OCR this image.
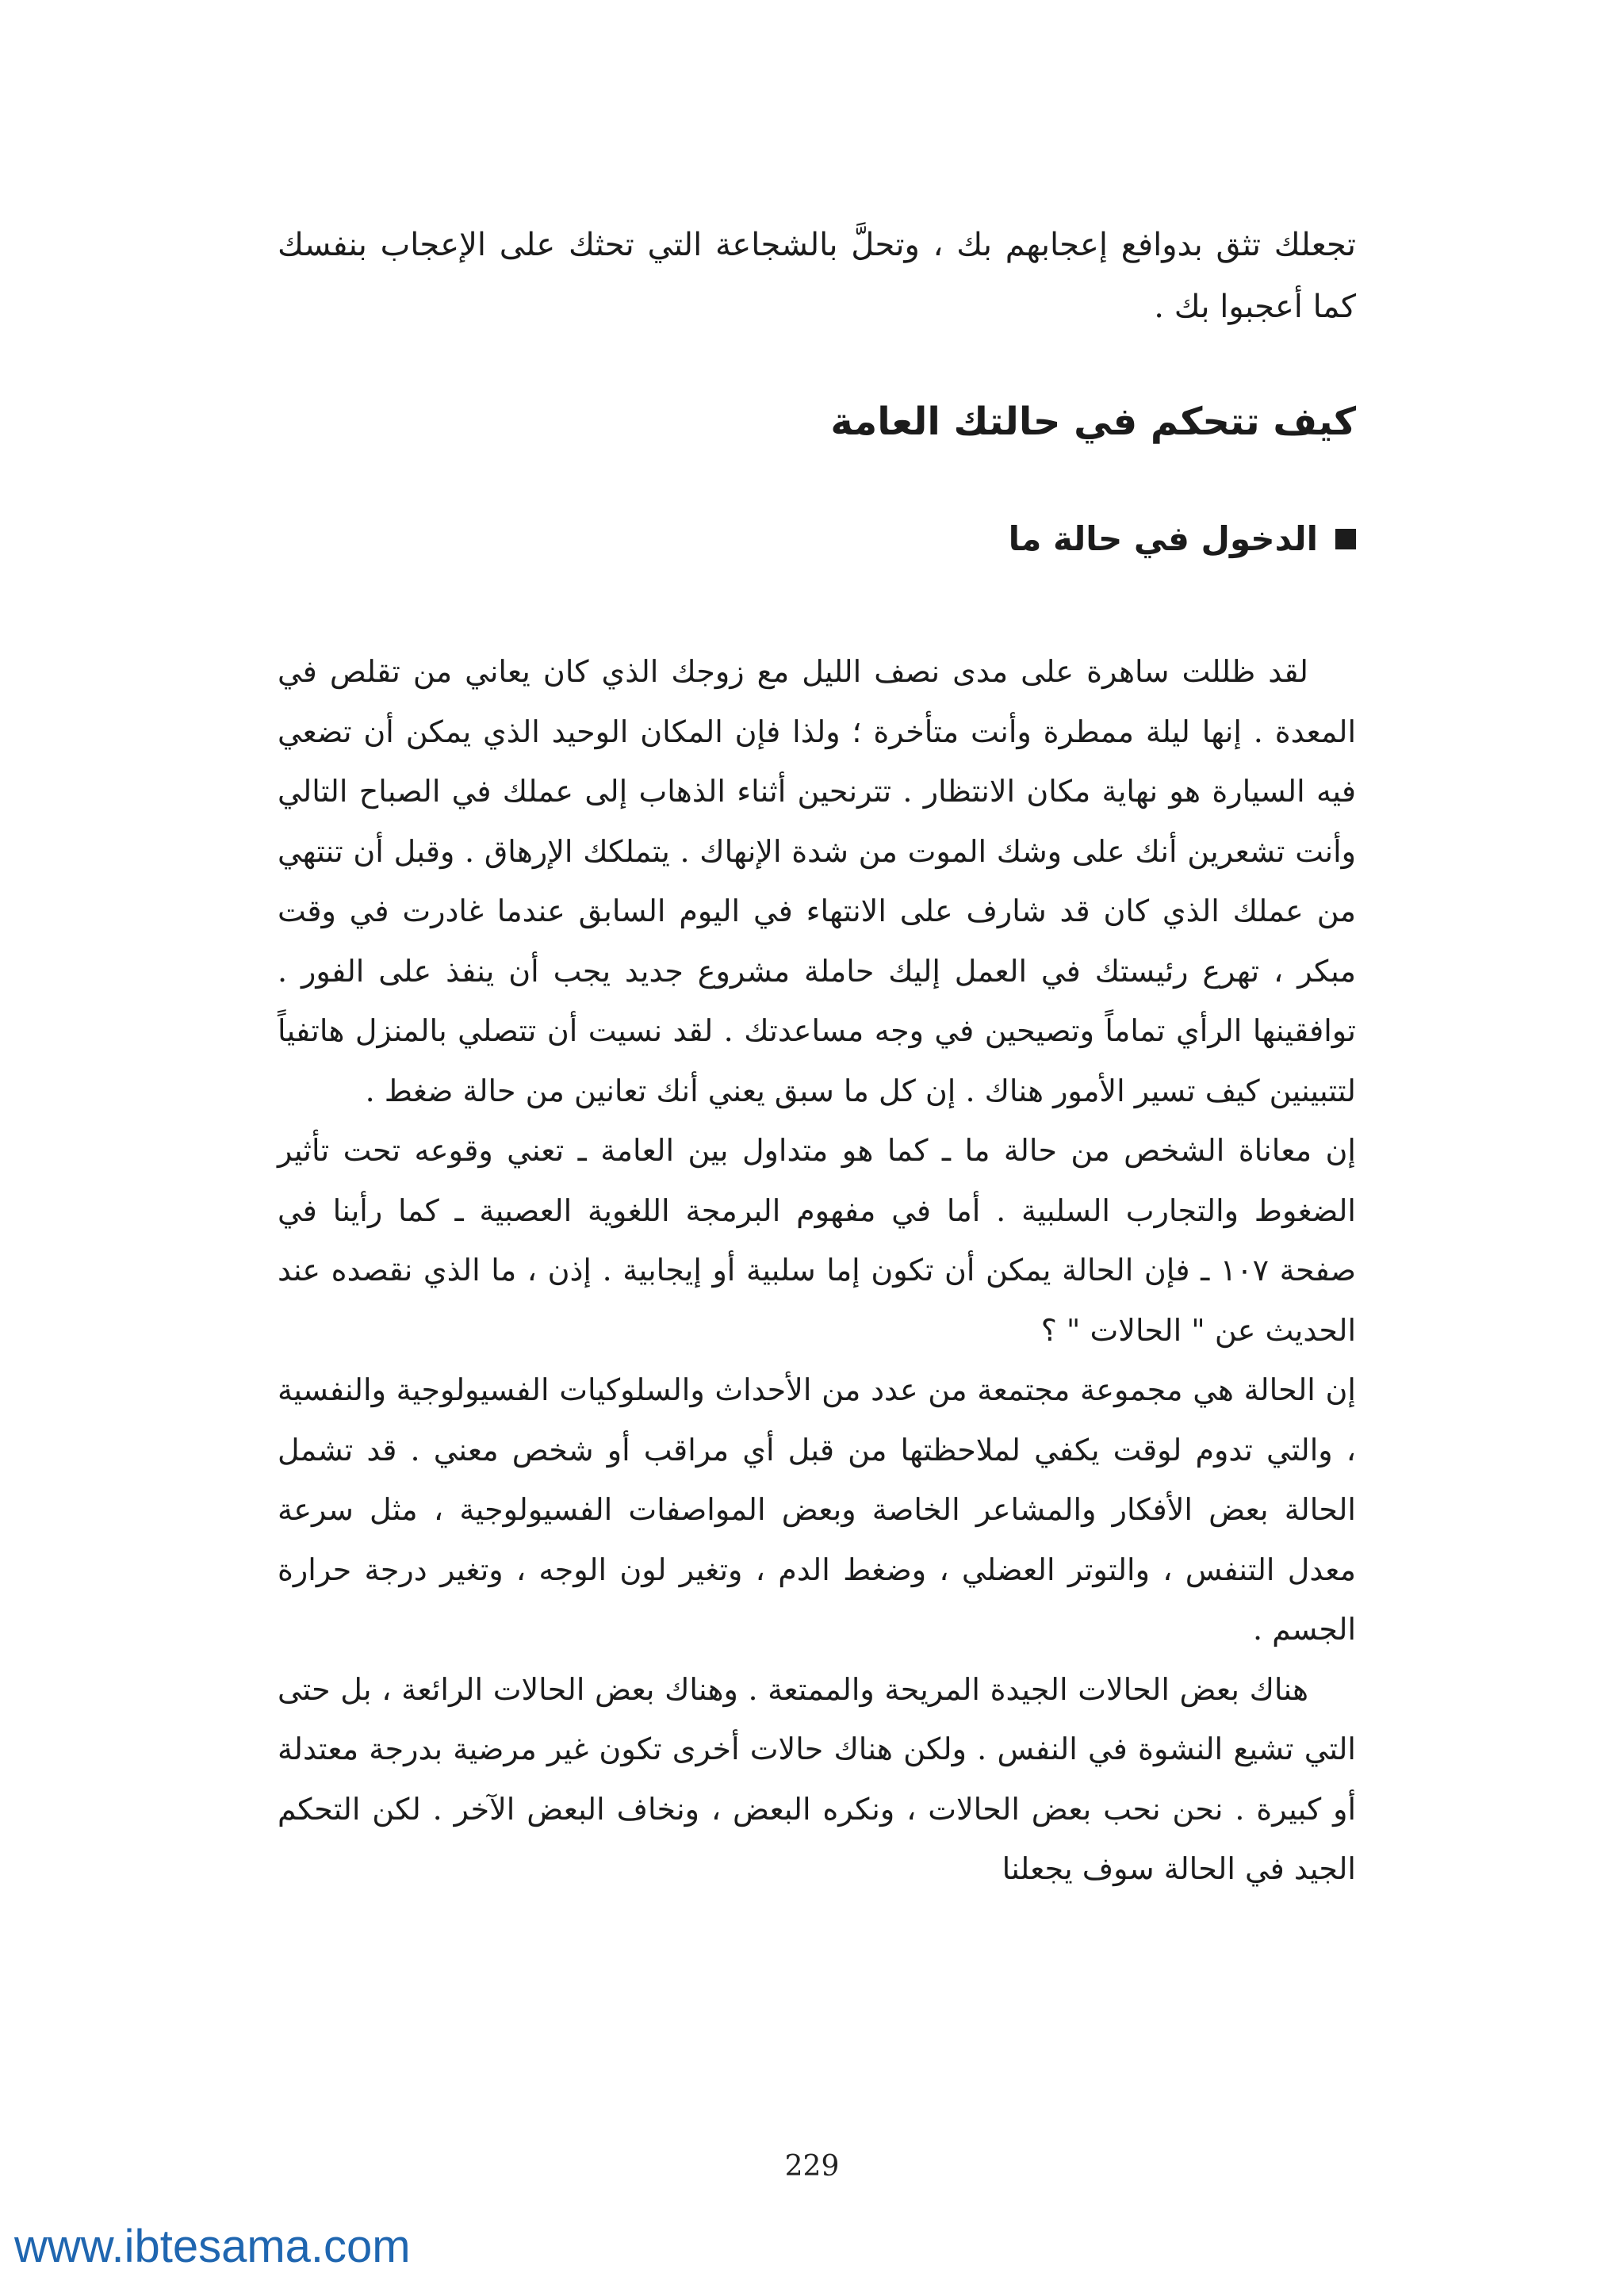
تجعلك تثق بدوافع إعجابهم بك ، وتحلَّ بالشجاعة التي تحثك على الإعجاب بنفسك كما أعجبوا بك .
كيف تتحكم في حالتك العامة
الدخول في حالة ما

لقد ظللت ساهرة على مدى نصف الليل مع زوجك الذي كان يعاني من تقلص في المعدة . إنها ليلة ممطرة وأنت متأخرة ؛ ولذا فإن المكان الوحيد الذي يمكن أن تضعي فيه السيارة هو نهاية مكان الانتظار . تترنحين أثناء الذهاب إلى عملك في الصباح التالي وأنت تشعرين أنك على وشك الموت من شدة الإنهاك . يتملكك الإرهاق . وقبل أن تنتهي من عملك الذي كان قد شارف على الانتهاء في اليوم السابق عندما غادرت في وقت مبكر ، تهرع رئيستك في العمل إليك حاملة مشروع جديد يجب أن ينفذ على الفور . توافقينها الرأي تماماً وتصيحين في وجه مساعدتك . لقد نسيت أن تتصلي بالمنزل هاتفياً لتتبينين كيف تسير الأمور هناك . إن كل ما سبق يعني أنك تعانين من حالة ضغط .

إن معاناة الشخص من حالة ما ـ كما هو متداول بين العامة ـ تعني وقوعه تحت تأثير الضغوط والتجارب السلبية . أما في مفهوم البرمجة اللغوية العصبية ـ كما رأينا في صفحة ١٠٧ ـ فإن الحالة يمكن أن تكون إما سلبية أو إيجابية . إذن ، ما الذي نقصده عند الحديث عن " الحالات " ؟

إن الحالة هي مجموعة مجتمعة من عدد من الأحداث والسلوكيات الفسيولوجية والنفسية ، والتي تدوم لوقت يكفي لملاحظتها من قبل أي مراقب أو شخص معني . قد تشمل الحالة بعض الأفكار والمشاعر الخاصة وبعض المواصفات الفسيولوجية ، مثل سرعة معدل التنفس ، والتوتر العضلي ، وضغط الدم ، وتغير لون الوجه ، وتغير درجة حرارة الجسم .

هناك بعض الحالات الجيدة المريحة والممتعة . وهناك بعض الحالات الرائعة ، بل حتى التي تشيع النشوة في النفس . ولكن هناك حالات أخرى تكون غير مرضية بدرجة معتدلة أو كبيرة . نحن نحب بعض الحالات ، ونكره البعض ، ونخاف البعض الآخر . لكن التحكم الجيد في الحالة سوف يجعلنا

229
www.ibtesama.com
